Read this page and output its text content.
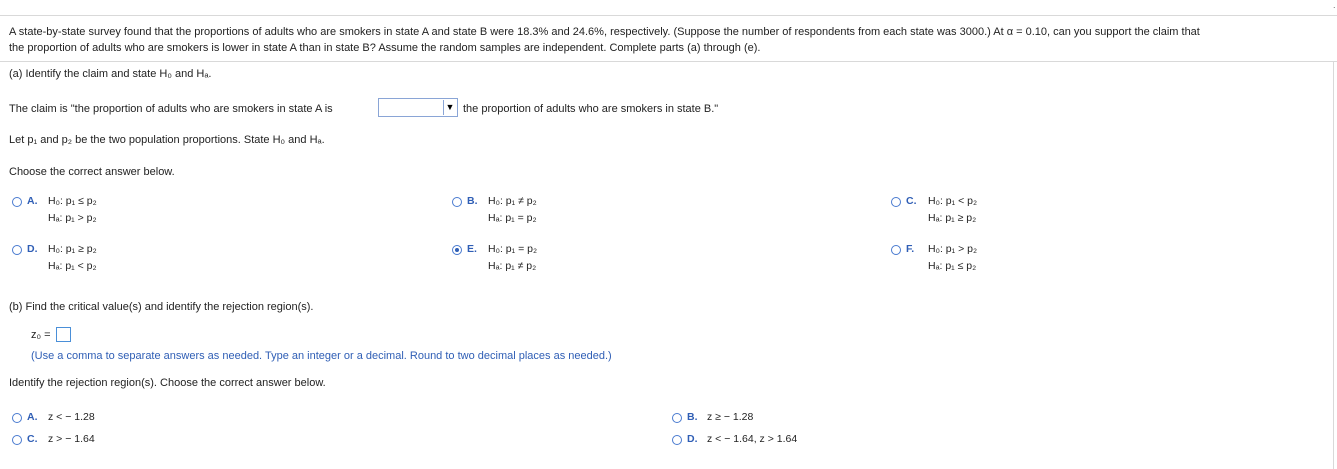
.
A state-by-state survey found that the proportions of adults who are smokers in state A and state B were 18.3% and 24.6%, respectively. (Suppose the number of respondents from each state was 3000.) At α = 0.10, can you support the claim that
the proportion of adults who are smokers is lower in state A than in state B? Assume the random samples are independent. Complete parts (a) through (e).
(a) Identify the claim and state H₀ and Hₐ.
The claim is "the proportion of adults who are smokers in state A is	▼ the proportion of adults who are smokers in state B."
Let p₁ and p₂ be the two population proportions. State H₀ and Hₐ.
Choose the correct answer below.
A. H₀: p₁ ≤ p₂
Hₐ: p₁ > p₂
B. H₀: p₁ ≠ p₂
Hₐ: p₁ = p₂
C. H₀: p₁ < p₂
Hₐ: p₁ ≥ p₂
D. H₀: p₁ ≥ p₂
Hₐ: p₁ < p₂
E. H₀: p₁ = p₂
Hₐ: p₁ ≠ p₂
F. H₀: p₁ > p₂
Hₐ: p₁ ≤ p₂
(b) Find the critical value(s) and identify the rejection region(s).
z₀ =
(Use a comma to separate answers as needed. Type an integer or a decimal. Round to two decimal places as needed.)
Identify the rejection region(s). Choose the correct answer below.
A. z < − 1.28	B. z ≥ − 1.28
C. z > − 1.64	D. z < − 1.64, z > 1.64
